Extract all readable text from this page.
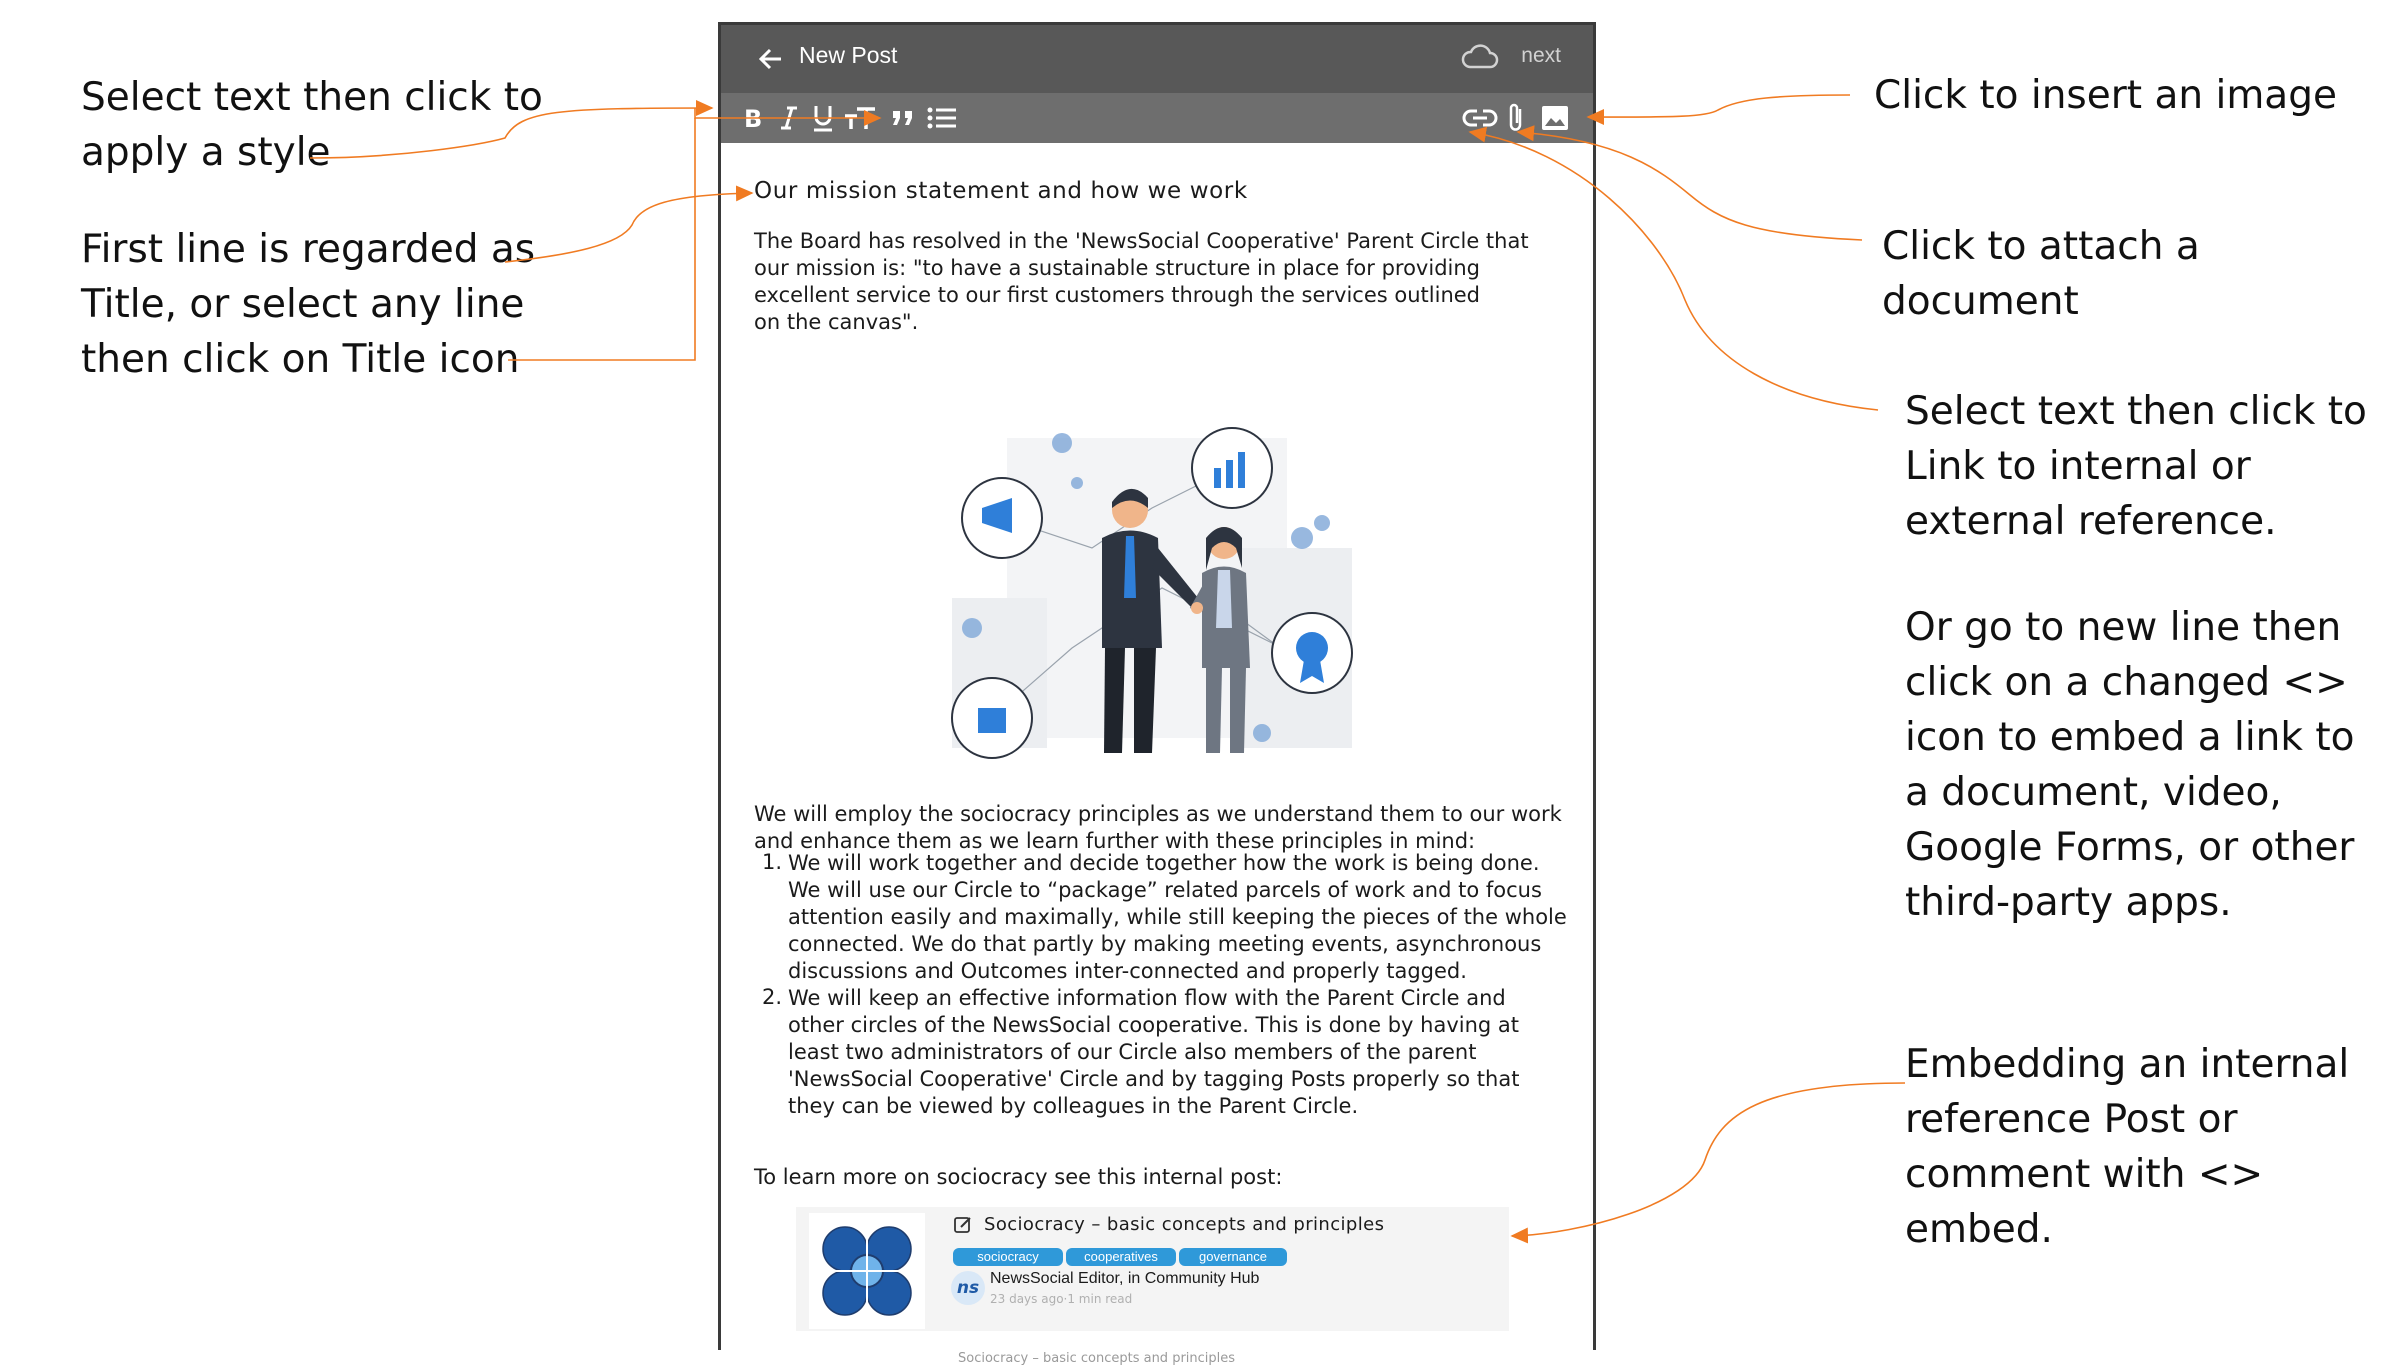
Select text then click to
apply a style
First line is regarded as
Title, or select any line
then click on Title icon
Click to insert an image
Click to attach a
document
Select text then click to
Link to internal or
external reference.
Or go to new line then
click on a changed <>
icon to embed a link to
a document, video,
Google Forms, or other
third-party apps.
Embedding an internal
reference Post or
comment with <>
embed.
New Post	next
B
Our mission statement and how we work
The Board has resolved in the 'NewsSocial Cooperative' Parent Circle that
our mission is: "to have a sustainable structure in place for providing
excellent service to our first customers through the services outlined
on the canvas".
We will employ the sociocracy principles as we understand them to our work
and enhance them as we learn further with these principles in mind:
1. We will work together and decide together how the work is being done.
We will use our Circle to “package” related parcels of work and to focus
attention easily and maximally, while still keeping the pieces of the whole
connected. We do that partly by making meeting events, asynchronous
discussions and Outcomes inter-connected and properly tagged.
2. We will keep an effective information flow with the Parent Circle and
other circles of the NewsSocial cooperative. This is done by having at
least two administrators of our Circle also members of the parent
'NewsSocial Cooperative' Circle and by tagging Posts properly so that
they can be viewed by colleagues in the Parent Circle.
To learn more on sociocracy see this internal post:
Sociocracy – basic concepts and principles
sociocracy	cooperatives	governance
ns NewsSocial Editor, in Community Hub
23 days ago·1 min read
Sociocracy – basic concepts and principles
